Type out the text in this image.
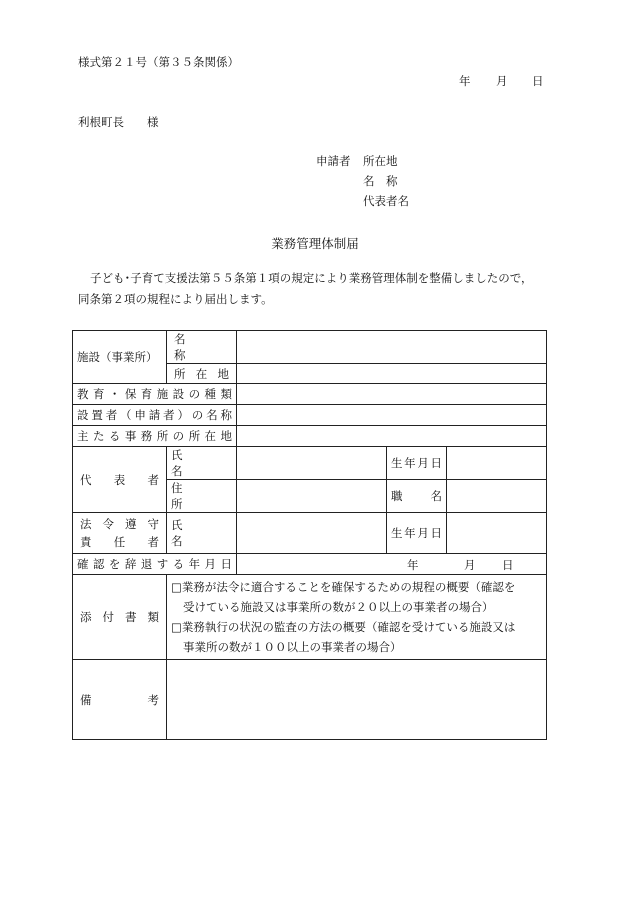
様式第２１号（第３５条関係）
年 月 日
利根町長　　様
申請者 所在地
名　称
代表者名
業務管理体制届

子ども･子育て支援法第５５条第１項の規定により業務管理体制を整備しましたので，

同条第２項の規程により届出します。

施設（事業所）	名　　　称			

	所在地			

教育・保育施設の種類				

設置者（申請者）の名称				

主たる事務所の所在地				

代表者	氏　名		生年月日	

	住　所		職　名	

法令遵守
責任者	氏　名		生年月日	

確認を辞退する年月日		年 月 日		

添付書類	□業務が法令に適合することを確保するための規程の概要（確認を
受けている施設又は事業所の数が２０以上の事業者の場合）
□業務執行の状況の監査の方法の概要（確認を受けている施設又は
事業所の数が１００以上の事業者の場合）			

備　考				
